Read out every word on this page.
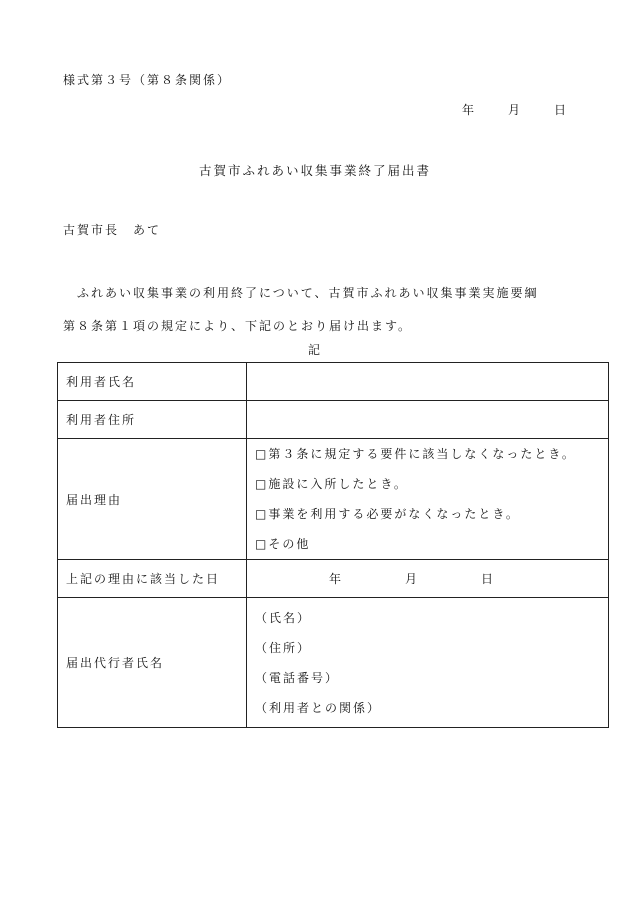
様式第３号（第８条関係）
年	月	日
古賀市ふれあい収集事業終了届出書
古賀市長　あて
ふれあい収集事業の利用終了について、古賀市ふれあい収集事業実施要綱
第８条第１項の規定により、下記のとおり届け出ます。
記
利用者氏名	
利用者住所	
届出理由	□第３条に規定する要件に該当しなくなったとき。
□施設に入所したとき。
□事業を利用する必要がなくなったとき。
□その他

上記の理由に該当した日	年 月 日
届出代行者氏名	（氏名）
（住所）
（電話番号）
（利用者との関係）
